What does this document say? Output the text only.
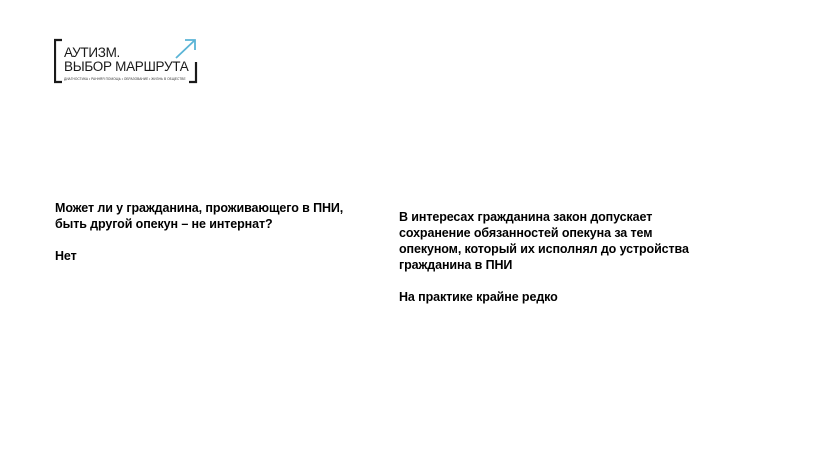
АУТИЗМ.
ВЫБОР МАРШРУТА
ДИАГНОСТИКА • РАННЯЯ ПОМОЩЬ • ОБРАЗОВАНИЕ • ЖИЗНЬ В ОБЩЕСТВЕ

Может ли у гражданина, проживающего в ПНИ,

быть другой опекун – не интернат?

Нет

В интересах гражданина закон допускает

сохранение обязанностей опекуна за тем

опекуном, который их исполнял до устройства

гражданина в ПНИ

На практике крайне редко
